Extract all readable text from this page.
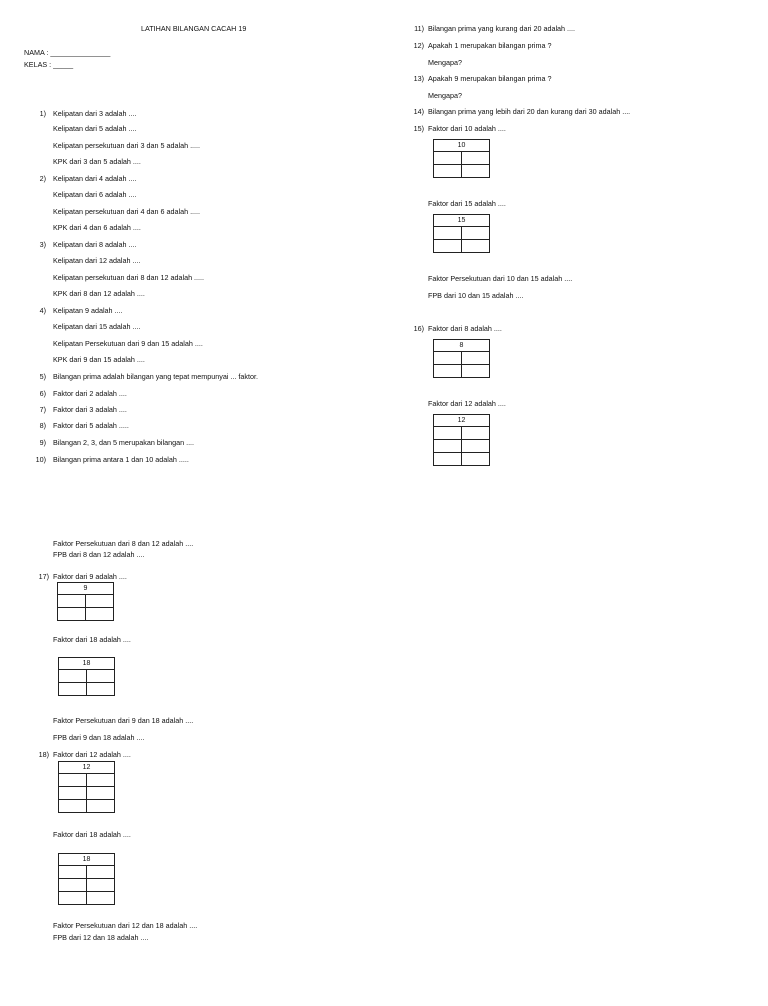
LATIHAN BILANGAN CACAH 19
NAMA : _______________
KELAS : _____
1) Kelipatan dari 3 adalah ....
Kelipatan dari 5 adalah ....
Kelipatan persekutuan dari 3 dan 5 adalah .....
KPK dari 3 dan 5 adalah ....
2) Kelipatan dari 4 adalah ....
Kelipatan dari 6 adalah ....
Kelipatan persekutuan dari 4 dan 6 adalah .....
KPK dari 4 dan 6 adalah ....
3) Kelipatan dari 8 adalah ....
Kelipatan dari 12 adalah ....
Kelipatan persekutuan dari 8 dan 12 adalah .....
KPK dari 8 dan 12 adalah ....
4) Kelipatan 9 adalah ....
Kelipatan dari 15 adalah ....
Kelipatan Persekutuan dari 9 dan 15 adalah ....
KPK dari 9 dan 15 adalah ....
5) Bilangan prima adalah bilangan yang tepat mempunyai ... faktor.
6) Faktor dari 2 adalah ....
7) Faktor dari 3 adalah ....
8) Faktor dari 5 adalah .....
9) Bilangan 2, 3, dan 5 merupakan bilangan ....
10) Bilangan prima antara 1 dan 10 adalah .....
11) Bilangan prima yang kurang dari 20 adalah ....
12) Apakah 1 merupakan bilangan prima ?
Mengapa?
13) Apakah 9 merupakan bilangan prima ?
Mengapa?
14) Bilangan prima yang lebih dari 20 dan kurang dari 30 adalah ....
15) Faktor dari 10 adalah ....
10	

Faktor dari 15 adalah ....
15	

Faktor Persekutuan dari 10 dan 15 adalah ....
FPB dari 10 dan 15 adalah ....
16) Faktor dari 8 adalah ....
8	

Faktor dari 12 adalah ....
12	

Faktor Persekutuan dari 8 dan 12 adalah ....
FPB dari 8 dan 12 adalah ....
17) Faktor dari 9 adalah ....
9	

Faktor dari 18 adalah ....
18	

Faktor Persekutuan dari 9 dan 18 adalah ....
FPB dari 9 dan 18 adalah ....
18) Faktor dari 12 adalah ....
12	

Faktor dari 18 adalah ....
18	

Faktor Persekutuan dari 12 dan 18 adalah ....
FPB dari 12 dan 18 adalah ....
